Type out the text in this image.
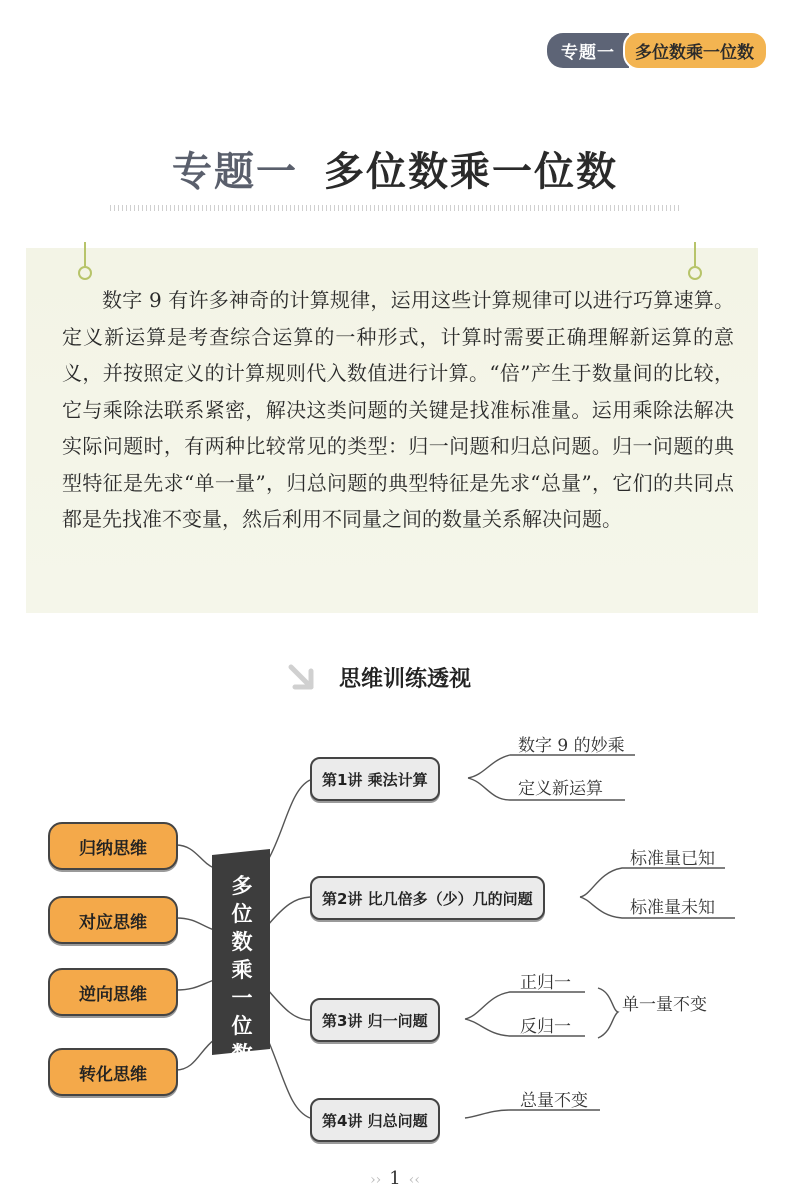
专题一	多位数乘一位数
专题一 多位数乘一位数
数字 9 有许多神奇的计算规律，运用这些计算规律可以进行巧算速算。定义新运算是考查综合运算的一种形式，计算时需要正确理解新运算的意义，并按照定义的计算规则代入数值进行计算。“倍”产生于数量间的比较，它与乘除法联系紧密，解决这类问题的关键是找准标准量。运用乘除法解决实际问题时，有两种比较常见的类型：归一问题和归总问题。归一问题的典型特征是先求“单一量”，归总问题的典型特征是先求“总量”，它们的共同点都是先找准不变量，然后利用不同量之间的数量关系解决问题。
思维训练透视
归纳思维
对应思维
逆向思维
转化思维
多
位
数
乘
一
位
数
第1讲 乘法计算
第2讲 比几倍多（少）几的问题
第3讲 归一问题
第4讲 归总问题
数字 9 的妙乘
定义新运算
标准量已知
标准量未知
正归一
反归一
单一量不变
总量不变
›› 1 ‹‹
